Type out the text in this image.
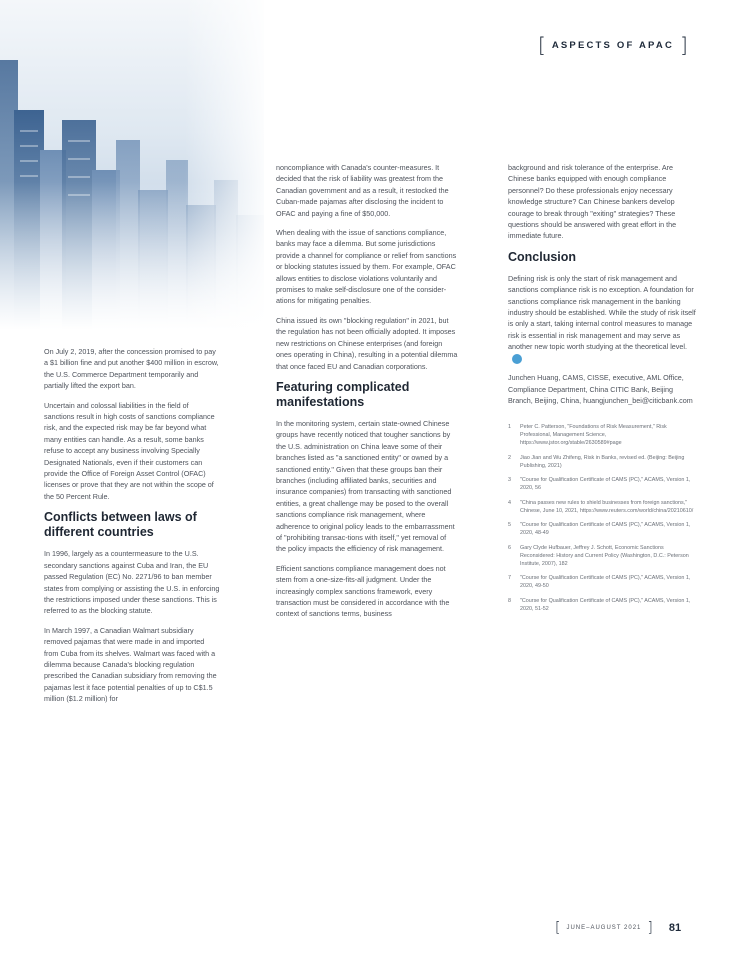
[ ASPECTS OF APAC ]

On July 2, 2019, after the concession promised to pay a $1 billion fine and put another $400 million in escrow, the U.S. Commerce Department temporarily and partially lifted the export ban.

Uncertain and colossal liabilities in the field of sanctions result in high costs of sanctions compliance risk, and the expected risk may be far beyond what many entities can handle. As a result, some banks refuse to accept any business involving Specially Designated Nationals, even if their customers can provide the Office of Foreign Asset Control (OFAC) licenses or prove that they are not within the scope of the 50 Percent Rule.

Conflicts between laws of different countries

In 1996, largely as a countermeasure to the U.S. secondary sanctions against Cuba and Iran, the EU passed Regulation (EC) No. 2271/96 to ban member states from complying or assisting the U.S. in enforcing the restrictions imposed under these sanctions. This is referred to as the blocking statute.

In March 1997, a Canadian Walmart subsidiary removed pajamas that were made in and imported from Cuba from its shelves. Walmart was faced with a dilemma because Canada's blocking regulation prescribed the Canadian subsidiary from removing the pajamas lest it face potential penalties of up to C$1.5 million ($1.2 million) for

noncompliance with Canada's counter-measures. It decided that the risk of liability was greatest from the Canadian government and as a result, it restocked the Cuban-made pajamas after disclosing the incident to OFAC and paying a fine of $50,000.

When dealing with the issue of sanctions compliance, banks may face a dilemma. But some jurisdictions provide a channel for compliance or relief from sanctions or blocking statutes issued by them. For example, OFAC allows entities to disclose violations voluntarily and promises to make self-disclosure one of the consider-ations for mitigating penalties.

China issued its own "blocking regulation" in 2021, but the regulation has not been officially adopted. It imposes new restrictions on Chinese enterprises (and foreign ones operating in China), resulting in a potential dilemma that once faced EU and Canadian corporations.

Featuring complicated manifestations

In the monitoring system, certain state-owned Chinese groups have recently noticed that tougher sanctions by the U.S. administration on China leave some of their branches listed as "a sanctioned entity" or owned by a sanctioned entity." Given that these groups ban their branches (including affiliated banks, securities and insurance companies) from transacting with sanctioned entities, a great challenge may be posed to the overall sanctions compliance risk management, where adherence to original policy leads to the embarrassment of "prohibiting transac-tions with itself," yet removal of the policy impacts the efficiency of risk management.

Efficient sanctions compliance management does not stem from a one-size-fits-all judgment. Under the increasingly complex sanctions framework, every transaction must be considered in accordance with the context of sanctions terms, business

background and risk tolerance of the enterprise. Are Chinese banks equipped with enough compliance personnel? Do these professionals enjoy necessary knowledge structure? Can Chinese bankers develop courage to break through "exiting" strategies? These questions should be answered with great effort in the immediate future.

Conclusion

Defining risk is only the start of risk management and sanctions compliance risk is no exception. A foundation for sanctions compliance risk management in the banking industry should be established. While the study of risk itself is only a start, taking internal control measures to manage risk is essential in risk management and may serve as another new topic worth studying at the theoretical level.

Junchen Huang, CAMS, CISSE, executive, AML Office, Compliance Department, China CITIC Bank, Beijing Branch, Beijing, China, huangjunchen_bei@citicbank.com

1	Peter C. Patterson, "Foundations of Risk Measurement," Risk Professional, Management Science, https://www.jstor.org/stable/2630589#page
2	Jiao Jian and Wu Zhifeng, Risk in Banks, revised ed. (Beijing: Beijing Publishing, 2021)
3	"Course for Qualification Certificate of CAMS (PC)," ACAMS, Version 1, 2020, 56
4	"China passes new rules to shield businesses from foreign sanctions," Chinese, June 10, 2021, https://www.reuters.com/world/china/20210610/
5	"Course for Qualification Certificate of CAMS (PC)," ACAMS, Version 1, 2020, 48-49
6	Gary Clyde Hufbauer, Jeffrey J. Schott, Economic Sanctions Reconsidered: History and Current Policy (Washington, D.C.: Peterson Institute, 2007), 182
7	"Course for Qualification Certificate of CAMS (PC)," ACAMS, Version 1, 2020, 49-50
8	"Course for Qualification Certificate of CAMS (PC)," ACAMS, Version 1, 2020, 51-52
[ JUNE–AUGUST 2021 ] 81
